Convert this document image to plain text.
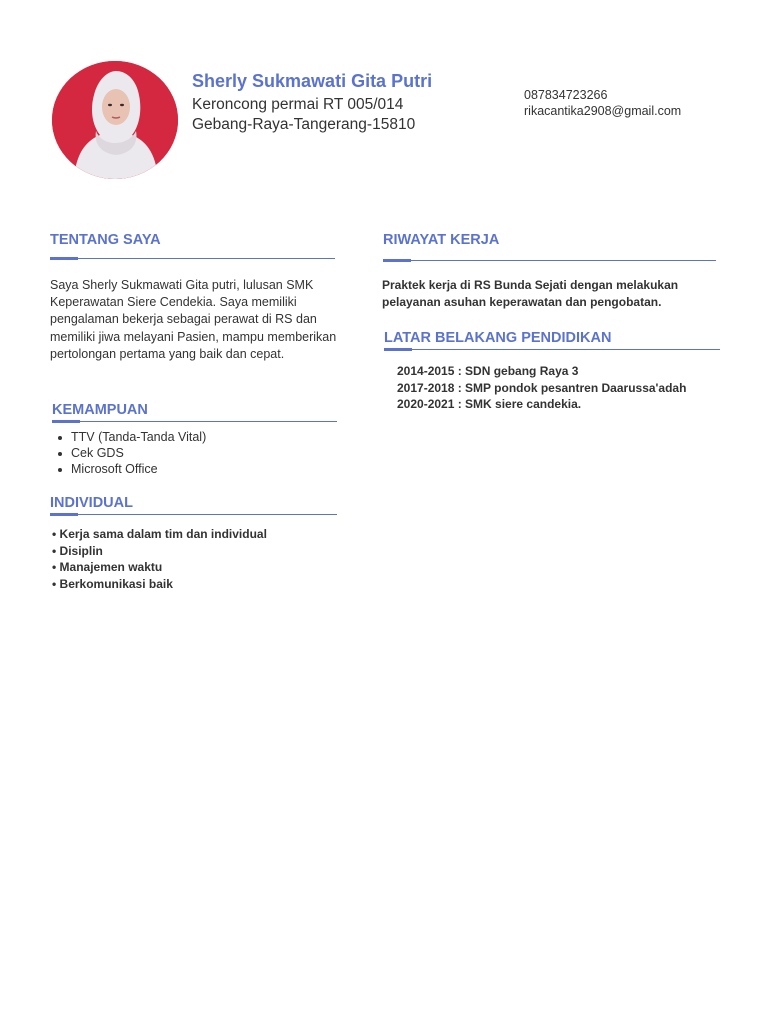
Sherly Sukmawati Gita Putri
Keroncong permai RT 005/014
Gebang-Raya-Tangerang-15810
087834723266
rikacantika2908@gmail.com
TENTANG SAYA
Saya Sherly Sukmawati Gita putri, lulusan SMK Keperawatan Siere Cendekia. Saya memiliki pengalaman bekerja sebagai perawat di RS dan memiliki jiwa melayani Pasien, mampu memberikan pertolongan pertama yang baik dan cepat.
KEMAMPUAN
TTV (Tanda-Tanda Vital)
Cek GDS
Microsoft Office
INDIVIDUAL
• Kerja sama dalam tim dan individual
• Disiplin
• Manajemen waktu
• Berkomunikasi baik
RIWAYAT KERJA
Praktek kerja di RS Bunda Sejati dengan melakukan pelayanan asuhan keperawatan dan pengobatan.
LATAR BELAKANG PENDIDIKAN
2014-2015 : SDN gebang Raya 3
2017-2018 : SMP pondok pesantren Daarussa'adah
2020-2021 : SMK siere candekia.
